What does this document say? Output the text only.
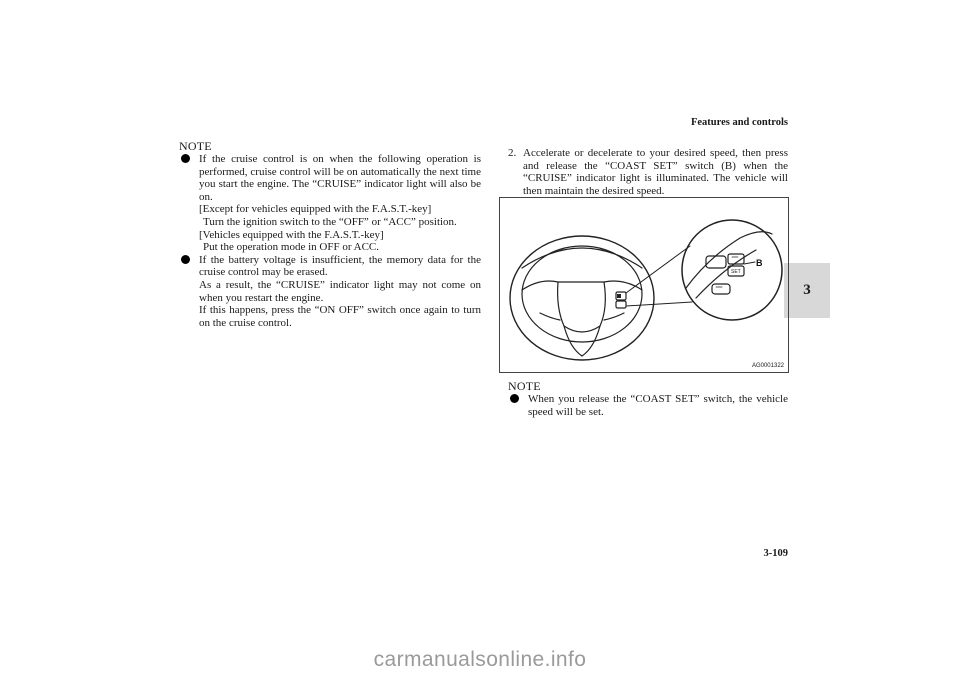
Features and controls
3
NOTE
If the cruise control is on when the following operation is performed, cruise control will be on automatically the next time you start the engine. The “CRUISE” indicator light will also be on.
[Except for vehicles equipped with the F.A.S.T.-key]
Turn the ignition switch to the “OFF” or “ACC” position.
[Vehicles equipped with the F.A.S.T.-key]
Put the operation mode in OFF or ACC.
If the battery voltage is insufficient, the memory data for the cruise control may be erased.
As a result, the “CRUISE” indicator light may not come on when you restart the engine.
If this happens, press the “ON OFF” switch once again to turn on the cruise control.
2. Accelerate or decelerate to your desired speed, then press and release the “COAST SET” switch (B) when the “CRUISE” indicator light is illuminated. The vehicle will then maintain the desired speed.
SET
B
AG0001322
NOTE
When you release the “COAST SET” switch, the vehicle speed will be set.
3-109
carmanualsonline.info
